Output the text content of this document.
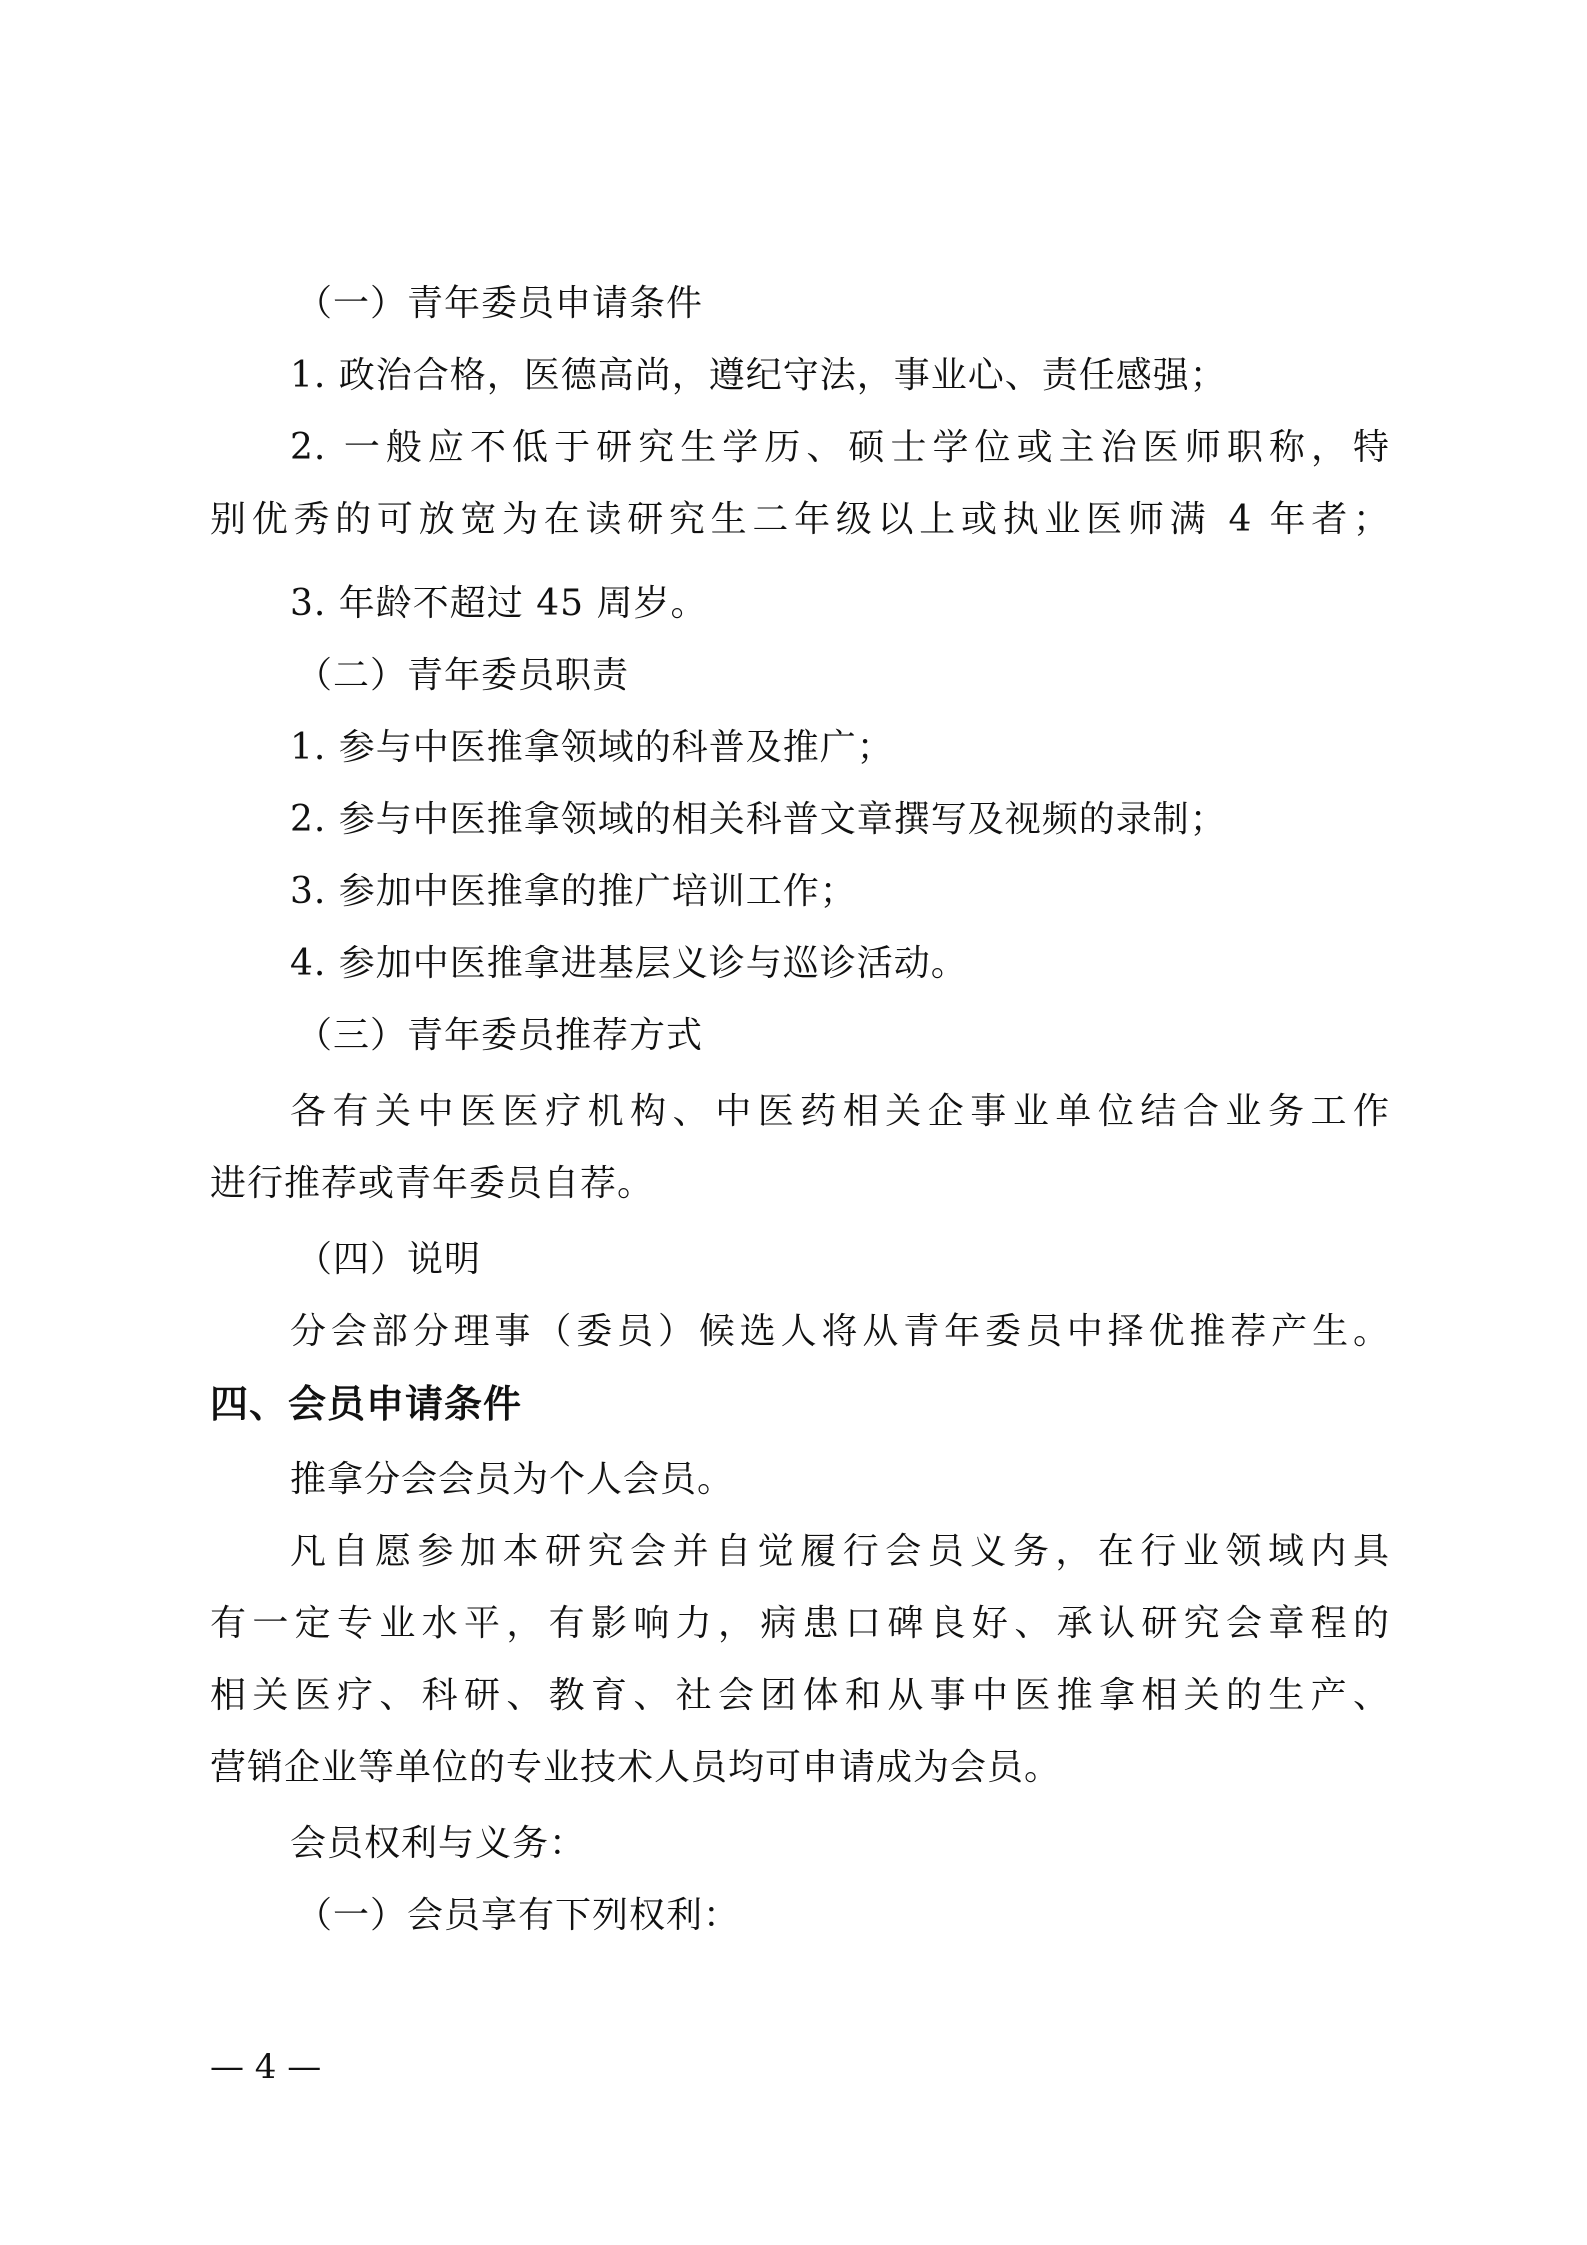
（一）青年委员申请条件
1. 政治合格，医德高尚，遵纪守法，事业心、责任感强；
2. 一般应不低于研究生学历、硕士学位或主治医师职称，特
别优秀的可放宽为在读研究生二年级以上或执业医师满 4 年者；
3. 年龄不超过 45 周岁。
（二）青年委员职责
1. 参与中医推拿领域的科普及推广；
2. 参与中医推拿领域的相关科普文章撰写及视频的录制；
3. 参加中医推拿的推广培训工作；
4. 参加中医推拿进基层义诊与巡诊活动。
（三）青年委员推荐方式
各有关中医医疗机构、中医药相关企事业单位结合业务工作
进行推荐或青年委员自荐。
（四）说明
分会部分理事（委员）候选人将从青年委员中择优推荐产生。
四、会员申请条件
推拿分会会员为个人会员。
凡自愿参加本研究会并自觉履行会员义务，在行业领域内具
有一定专业水平，有影响力，病患口碑良好、承认研究会章程的
相关医疗、科研、教育、社会团体和从事中医推拿相关的生产、
营销企业等单位的专业技术人员均可申请成为会员。
会员权利与义务：
（一）会员享有下列权利：
— 4 —
